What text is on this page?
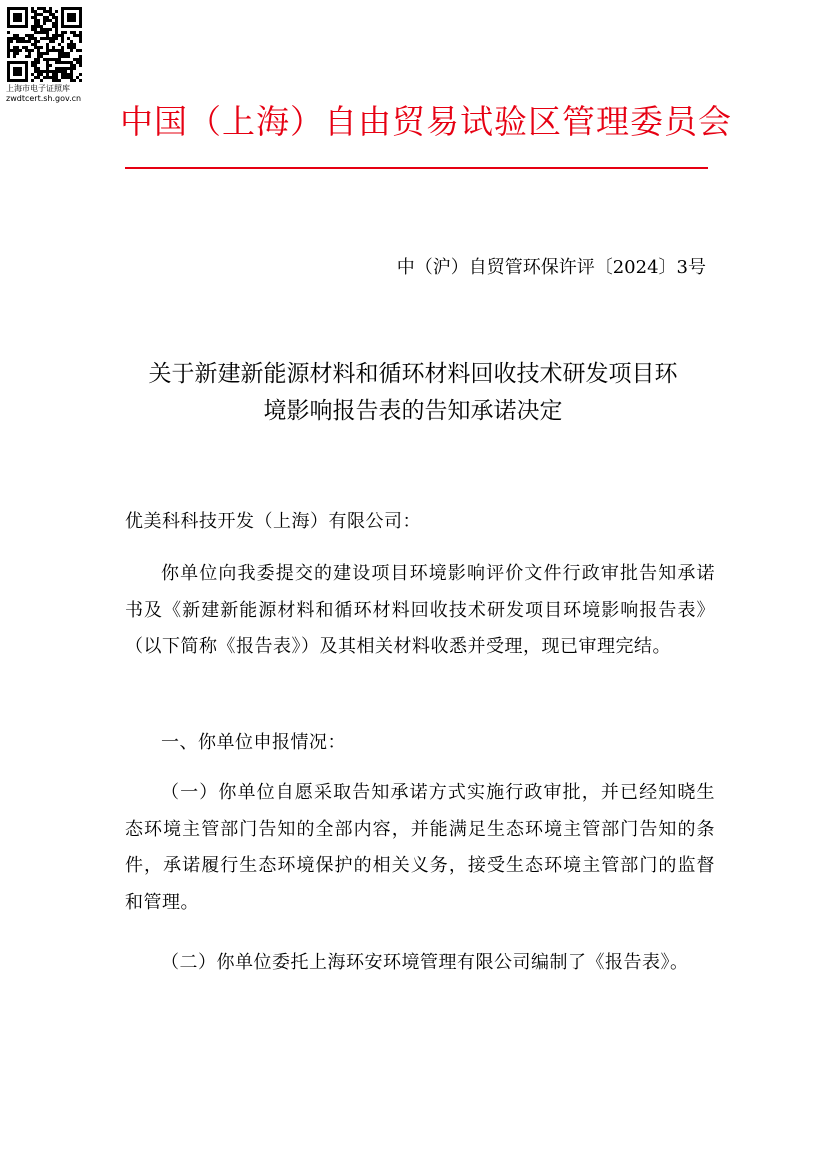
上海市电子证照库
zwdtcert.sh.gov.cn
中国（上海）自由贸易试验区管理委员会
中（沪）自贸管环保许评〔2024〕3号
关于新建新能源材料和循环材料回收技术研发项目环
境影响报告表的告知承诺决定
优美科科技开发（上海）有限公司：
你单位向我委提交的建设项目环境影响评价文件行政审批告知承诺书及《新建新能源材料和循环材料回收技术研发项目环境影响报告表》（以下简称《报告表》）及其相关材料收悉并受理，现已审理完结。
一、你单位申报情况：
（一）你单位自愿采取告知承诺方式实施行政审批，并已经知晓生态环境主管部门告知的全部内容，并能满足生态环境主管部门告知的条件，承诺履行生态环境保护的相关义务，接受生态环境主管部门的监督和管理。
（二）你单位委托上海环安环境管理有限公司编制了《报告表》。
